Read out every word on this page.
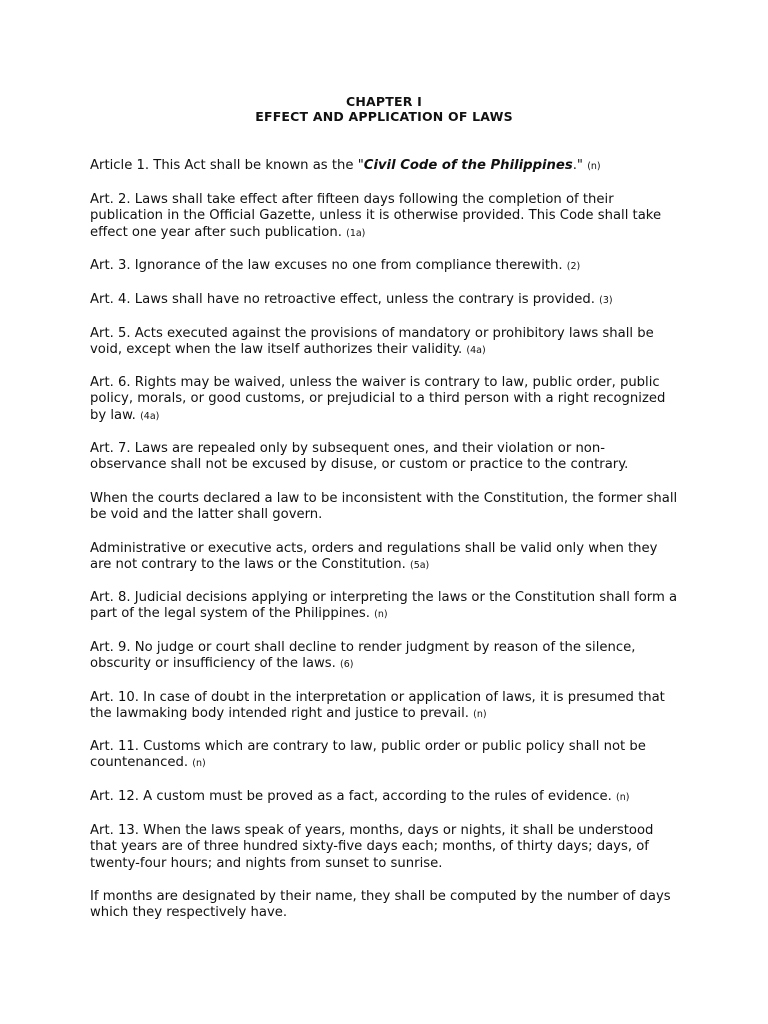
CHAPTER I
EFFECT AND APPLICATION OF LAWS

Article 1. This Act shall be known as the "Civil Code of the Philippines." (n)

Art. 2. Laws shall take effect after fifteen days following the completion of their publication in the Official Gazette, unless it is otherwise provided. This Code shall take effect one year after such publication. (1a)

Art. 3. Ignorance of the law excuses no one from compliance therewith. (2)

Art. 4. Laws shall have no retroactive effect, unless the contrary is provided. (3)

Art. 5. Acts executed against the provisions of mandatory or prohibitory laws shall be void, except when the law itself authorizes their validity. (4a)

Art. 6. Rights may be waived, unless the waiver is contrary to law, public order, public policy, morals, or good customs, or prejudicial to a third person with a right recognized by law. (4a)

Art. 7. Laws are repealed only by subsequent ones, and their violation or non-observance shall not be excused by disuse, or custom or practice to the contrary.

When the courts declared a law to be inconsistent with the Constitution, the former shall be void and the latter shall govern.

Administrative or executive acts, orders and regulations shall be valid only when they are not contrary to the laws or the Constitution. (5a)

Art. 8. Judicial decisions applying or interpreting the laws or the Constitution shall form a part of the legal system of the Philippines. (n)

Art. 9. No judge or court shall decline to render judgment by reason of the silence, obscurity or insufficiency of the laws. (6)

Art. 10. In case of doubt in the interpretation or application of laws, it is presumed that the lawmaking body intended right and justice to prevail. (n)

Art. 11. Customs which are contrary to law, public order or public policy shall not be countenanced. (n)

Art. 12. A custom must be proved as a fact, according to the rules of evidence. (n)

Art. 13. When the laws speak of years, months, days or nights, it shall be understood that years are of three hundred sixty-five days each; months, of thirty days; days, of twenty-four hours; and nights from sunset to sunrise.

If months are designated by their name, they shall be computed by the number of days which they respectively have.
